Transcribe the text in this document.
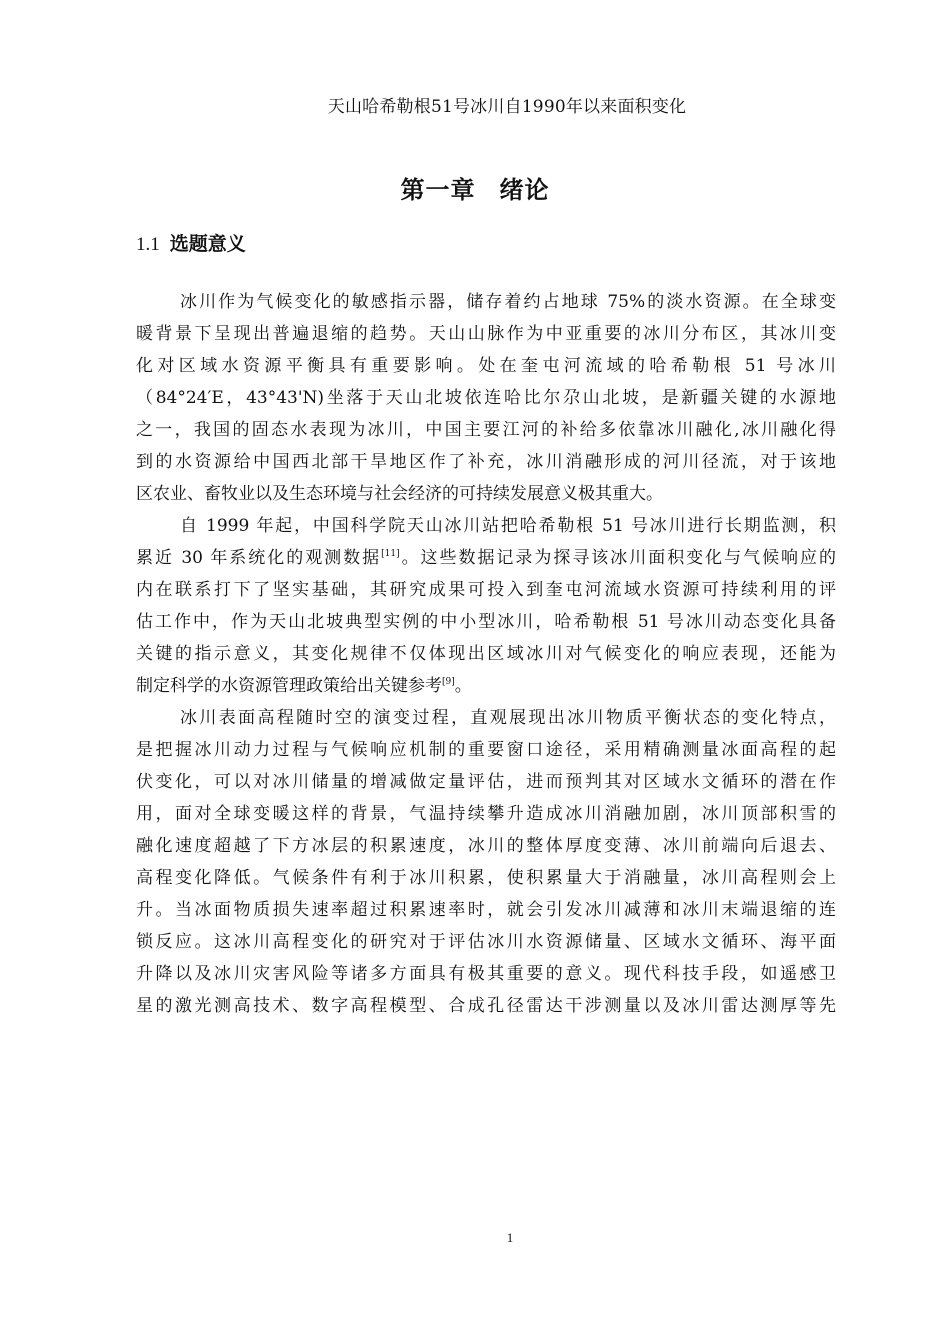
天山哈希勒根51号冰川自1990年以来面积变化
第一章 绪论
1.1 选题意义
冰川作为气候变化的敏感指示器，储存着约占地球 75%的淡水资源。在全球变
暖背景下呈现出普遍退缩的趋势。天山山脉作为中亚重要的冰川分布区，其冰川变
化对区域水资源平衡具有重要影响。处在奎屯河流域的哈希勒根 51 号冰川
（84°24′E，43°43'N)坐落于天山北坡依连哈比尔尕山北坡，是新疆关键的水源地
之一，我国的固态水表现为冰川，中国主要江河的补给多依靠冰川融化,冰川融化得
到的水资源给中国西北部干旱地区作了补充，冰川消融形成的河川径流，对于该地
区农业、畜牧业以及生态环境与社会经济的可持续发展意义极其重大。
自 1999 年起，中国科学院天山冰川站把哈希勒根 51 号冰川进行长期监测，积
累近 30 年系统化的观测数据[11]。这些数据记录为探寻该冰川面积变化与气候响应的
内在联系打下了坚实基础，其研究成果可投入到奎屯河流域水资源可持续利用的评
估工作中，作为天山北坡典型实例的中小型冰川，哈希勒根 51 号冰川动态变化具备
关键的指示意义，其变化规律不仅体现出区域冰川对气候变化的响应表现，还能为
制定科学的水资源管理政策给出关键参考[9]。
冰川表面高程随时空的演变过程，直观展现出冰川物质平衡状态的变化特点，
是把握冰川动力过程与气候响应机制的重要窗口途径，采用精确测量冰面高程的起
伏变化，可以对冰川储量的增减做定量评估，进而预判其对区域水文循环的潜在作
用，面对全球变暖这样的背景，气温持续攀升造成冰川消融加剧，冰川顶部积雪的
融化速度超越了下方冰层的积累速度，冰川的整体厚度变薄、冰川前端向后退去、
高程变化降低。气候条件有利于冰川积累，使积累量大于消融量，冰川高程则会上
升。当冰面物质损失速率超过积累速率时，就会引发冰川减薄和冰川末端退缩的连
锁反应。这冰川高程变化的研究对于评估冰川水资源储量、区域水文循环、海平面
升降以及冰川灾害风险等诸多方面具有极其重要的意义。现代科技手段，如遥感卫
星的激光测高技术、数字高程模型、合成孔径雷达干涉测量以及冰川雷达测厚等先
1
